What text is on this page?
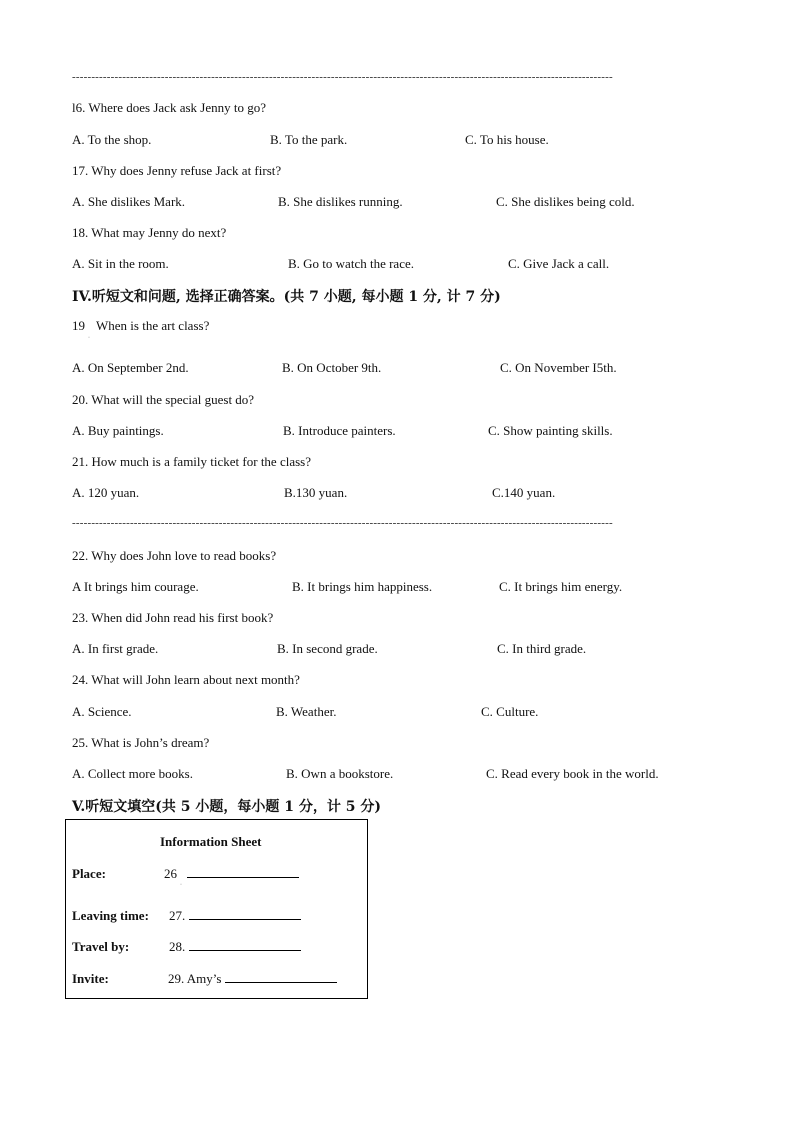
--------------------------------------------------------------------------------------------------------------------------------------------
l6. Where does Jack ask Jenny to go?
A. To the shop.	B. To the park.	C. To his house.
17. Why does Jenny refuse Jack at first?
A. She dislikes Mark.	B. She dislikes running.	C. She dislikes being cold.
18. What may Jenny do next?
A. Sit in the room.	B. Go to watch the race.	C. Give Jack a call.
IV.听短文和问题, 选择正确答案。(共 7 小题, 每小题 1 分, 计 7 分)
19 When is the art class?
·
A. On September 2nd.	B. On October 9th.	C. On November I5th.
20. What will the special guest do?
A. Buy paintings.	B. Introduce painters.	C. Show painting skills.
21. How much is a family ticket for the class?
A. 120 yuan.	B.130 yuan.	C.140 yuan.
--------------------------------------------------------------------------------------------------------------------------------------------
22. Why does John love to read books?
A It brings him courage.	B. It brings him happiness.	C. It brings him energy.
23. When did John read his first book?
A. In first grade.	B. In second grade.	C. In third grade.
24. What will John learn about next month?
A. Science.	B. Weather.	C. Culture.
25. What is John’s dream?
A. Collect more books.	B. Own a bookstore.	C. Read every book in the world.
V.听短文填空(共 5 小题，每小题 1 分，计 5 分)
Information Sheet
Place:	26
·
Leaving time: 27.
Travel by:	28.
Invite:	29. Amy’s
